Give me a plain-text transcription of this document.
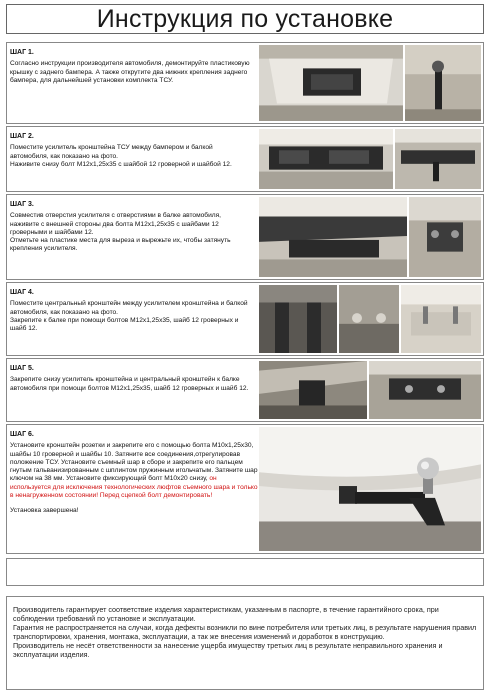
Инструкция по установке
ШАГ 1.

Согласно инструкции производителя автомобиля, демонтируйте пластиковую крышку с заднего бампера. А также открутите два нижних крепления заднего бампера, для дальнейшей установки комплекта ТСУ.

ШАГ 2.

Поместите усилитель кронштейна ТСУ между бампером и балкой автомобиля, как показано на фото.

Наживите снизу болт М12х1,25х35 с шайбой 12 гроверной и шайбой 12.

ШАГ 3.

Совместив отверстия усилителя с отверстиями в балке автомобиля, наживите с внешней стороны два болта М12х1,25х35 с шайбами 12 гроверными и шайбами 12.

Отметьте на пластике места для выреза и вырежьте их, чтобы затянуть крепления усилителя.

ШАГ 4.

Поместите центральный кронштейн между усилителем кронштейна и балкой автомобиля, как показано на фото.

Закрепите к балке при помощи болтов М12х1,25х35, шайб 12 гроверных и шайб 12.

ШАГ 5.

Закрепите снизу усилитель кронштейна и центральный кронштейн к балке автомобиля при помощи болтов М12х1,25х35, шайб 12 гроверных и шайб 12.

ШАГ 6.

Установите кронштейн розетки и закрепите его с помощью болта М10х1,25х30, шайбы 10 гроверной и шайбы 10. Затяните все соединения,отрегулировав положение ТСУ. Установите съемный шар в сборе и закрепите его пальцем гнутым гальванизированным с шплинтом пружинным игольчатым. Затяните шар ключом на 38 мм. Установите фиксирующий болт М10х20 снизу, он используется для исключения технологических люфтов съемного шара и только в ненагруженном состоянии! Перед сцепкой болт демонтировать!

Установка завершена!

Производитель гарантирует соответствие изделия характеристикам, указанным в паспорте, в течение гарантийного срока, при соблюдении требований по установке и эксплуатации.

Гарантия не распространяется на случаи, когда дефекты возникли по вине потребителя или третьих лиц, в результате нарушения правил транспортировки, хранения, монтажа, эксплуатации, а так же внесения изменений и доработок в конструкцию.

Производитель не несёт ответственности за нанесение ущерба имуществу третьих лиц в результате неправильного хранения и эксплуатации изделия.
